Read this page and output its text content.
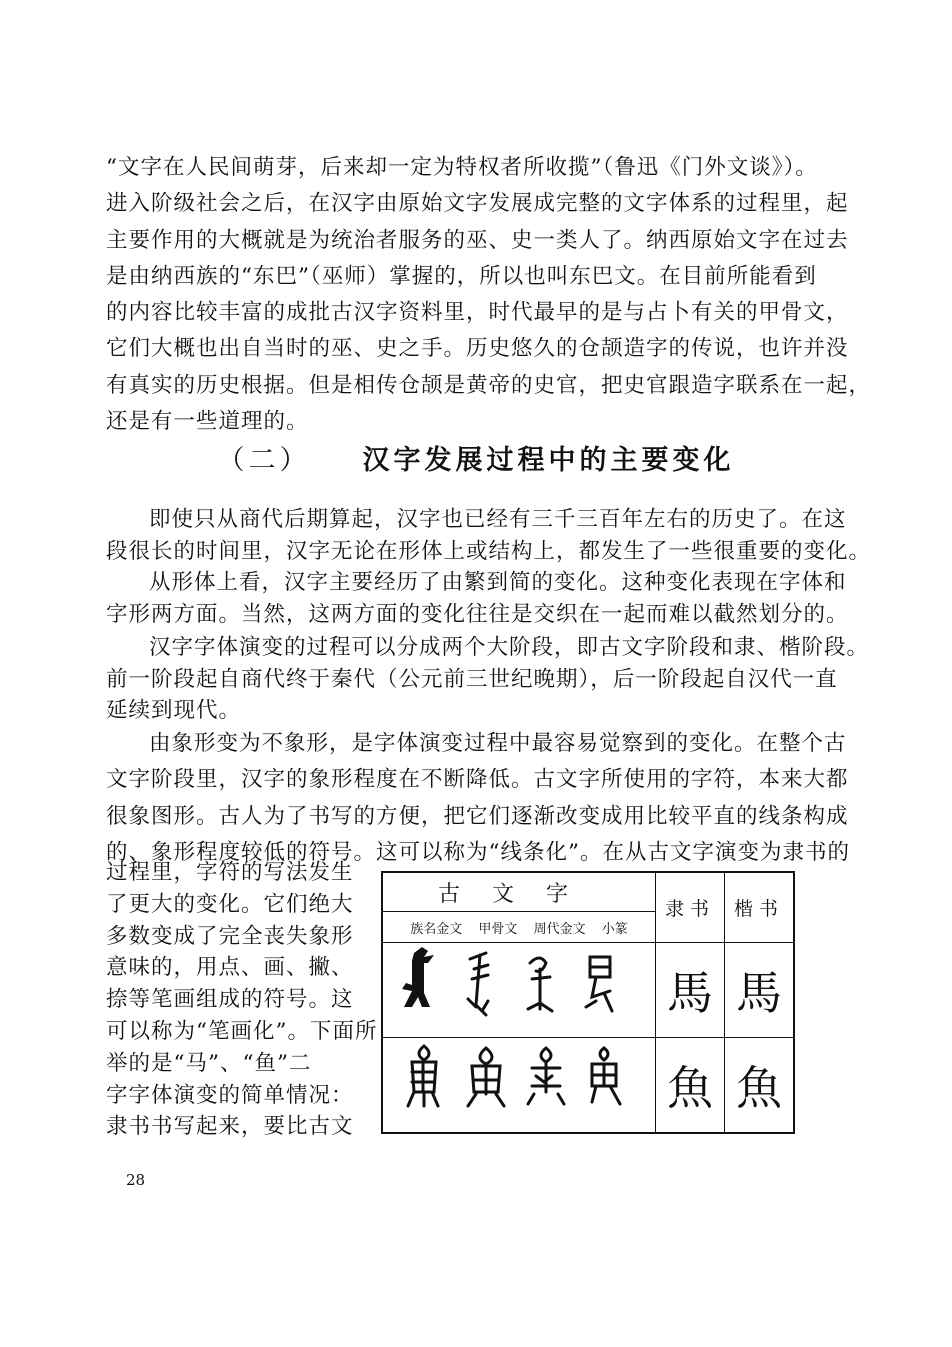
“文字在人民间萌芽，后来却一定为特权者所收揽”（鲁迅《门外文谈》）。
进入阶级社会之后，在汉字由原始文字发展成完整的文字体系的过程里，起
主要作用的大概就是为统治者服务的巫、史一类人了。纳西原始文字在过去
是由纳西族的“东巴”（巫师）掌握的，所以也叫东巴文。在目前所能看到
的内容比较丰富的成批古汉字资料里，时代最早的是与占卜有关的甲骨文，
它们大概也出自当时的巫、史之手。历史悠久的仓颉造字的传说，也许并没
有真实的历史根据。但是相传仓颉是黄帝的史官，把史官跟造字联系在一起，
还是有一些道理的。
（二） 汉字发展过程中的主要变化
即使只从商代后期算起，汉字也已经有三千三百年左右的历史了。在这
段很长的时间里，汉字无论在形体上或结构上，都发生了一些很重要的变化。
从形体上看，汉字主要经历了由繁到简的变化。这种变化表现在字体和
字形两方面。当然，这两方面的变化往往是交织在一起而难以截然划分的。
汉字字体演变的过程可以分成两个大阶段，即古文字阶段和隶、楷阶段。
前一阶段起自商代终于秦代（公元前三世纪晚期），后一阶段起自汉代一直
延续到现代。
由象形变为不象形，是字体演变过程中最容易觉察到的变化。在整个古
文字阶段里，汉字的象形程度在不断降低。古文字所使用的字符，本来大都
很象图形。古人为了书写的方便，把它们逐渐改变成用比较平直的线条构成
的、象形程度较低的符号。这可以称为“线条化”。在从古文字演变为隶书的
过程里，字符的写法发生
了更大的变化。它们绝大
多数变成了完全丧失象形
意味的，用点、画、撇、
捺等笔画组成的符号。这
可以称为“笔画化”。下面所
举的是“马”、“鱼”二
字字体演变的简单情况：
隶书书写起来，要比古文
古文字	隶书	楷书
族名金文 甲骨文 周代金文 小篆		
	馬	馬
	魚	魚
28
